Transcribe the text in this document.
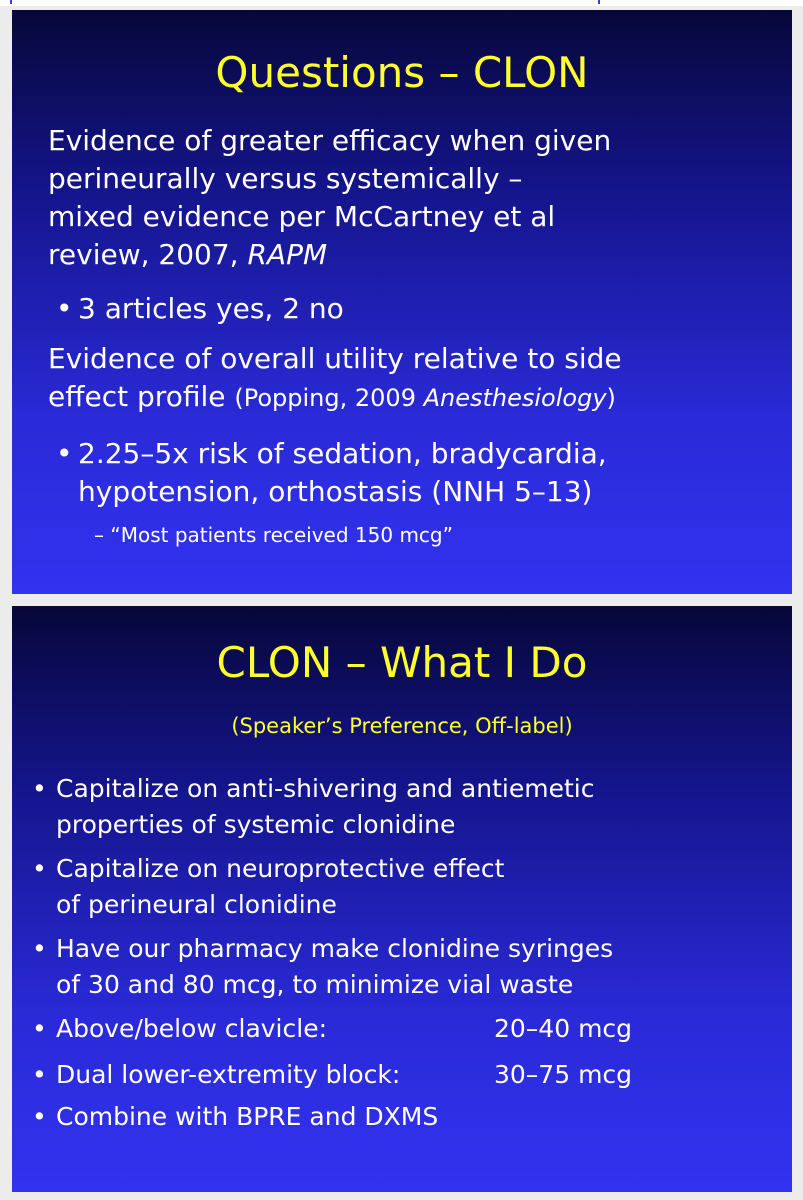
Questions – CLON
Evidence of greater efficacy when given
perineurally versus systemically –
mixed evidence per McCartney et al
review, 2007, RAPM
• 3 articles yes, 2 no
Evidence of overall utility relative to side
effect profile (Popping, 2009 Anesthesiology)
• 2.25–5x risk of sedation, bradycardia,
hypotension, orthostasis (NNH 5–13)
– “Most patients received 150 mcg”
CLON – What I Do
(Speaker’s Preference, Off-label)
• Capitalize on anti-shivering and antiemetic
properties of systemic clonidine
• Capitalize on neuroprotective effect
of perineural clonidine
• Have our pharmacy make clonidine syringes
of 30 and 80 mcg, to minimize vial waste
• Above/below clavicle:	20–40 mcg
• Dual lower-extremity block:	30–75 mcg
• Combine with BPRE and DXMS
